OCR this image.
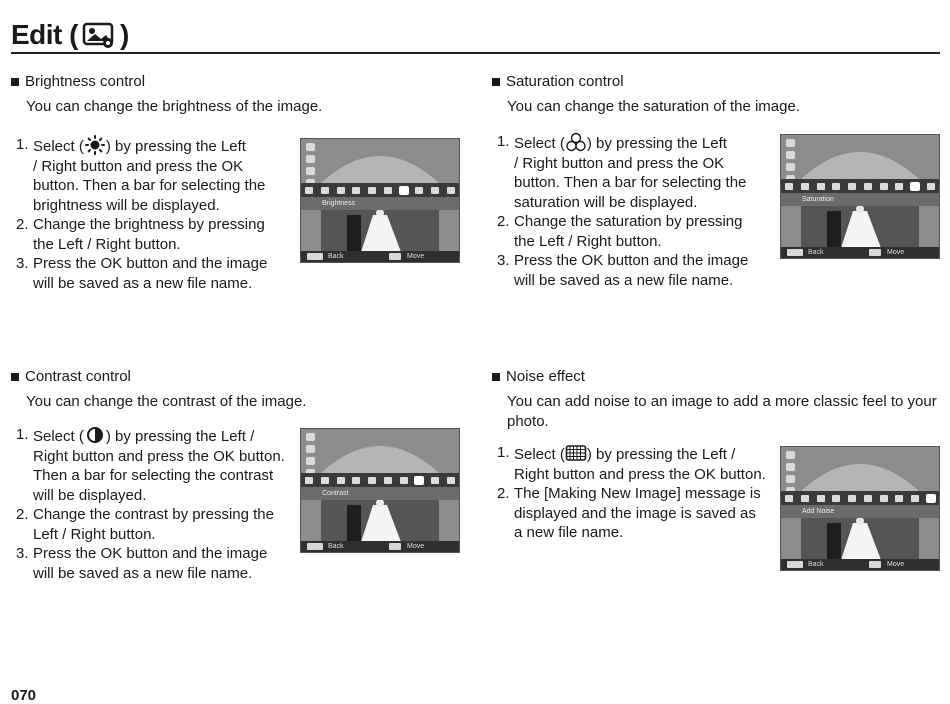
Edit ( )
Brightness control
You can change the brightness of the image.
1. Select ( ) by pressing the Left
/ Right button and press the OK
button. Then a bar for selecting the
brightness will be displayed.
2. Change the brightness by pressing
the Left / Right button.
3. Press the OK button and the image
will be saved as a new file name.
Brightness
Back	Move
Saturation control
You can change the saturation of the image.
1. Select ( ) by pressing the Left
/ Right button and press the OK
button. Then a bar for selecting the
saturation will be displayed.
2. Change the saturation by pressing
the Left / Right button.
3. Press the OK button and the image
will be saved as a new file name.
Saturation
Back	Move
Contrast control
You can change the contrast of the image.
1. Select ( ) by pressing the Left /
Right button and press the OK button.
Then a bar for selecting the contrast
will be displayed.
2. Change the contrast by pressing the
Left / Right button.
3. Press the OK button and the image
will be saved as a new file name.
Contrast
Back	Move
Noise effect
You can add noise to an image to add a more classic feel to your
photo.
1. Select ( ) by pressing the Left /
Right button and press the OK button.
2. The [Making New Image] message is
displayed and the image is saved as
a new file name.
Add Noise
Back	Move
070
